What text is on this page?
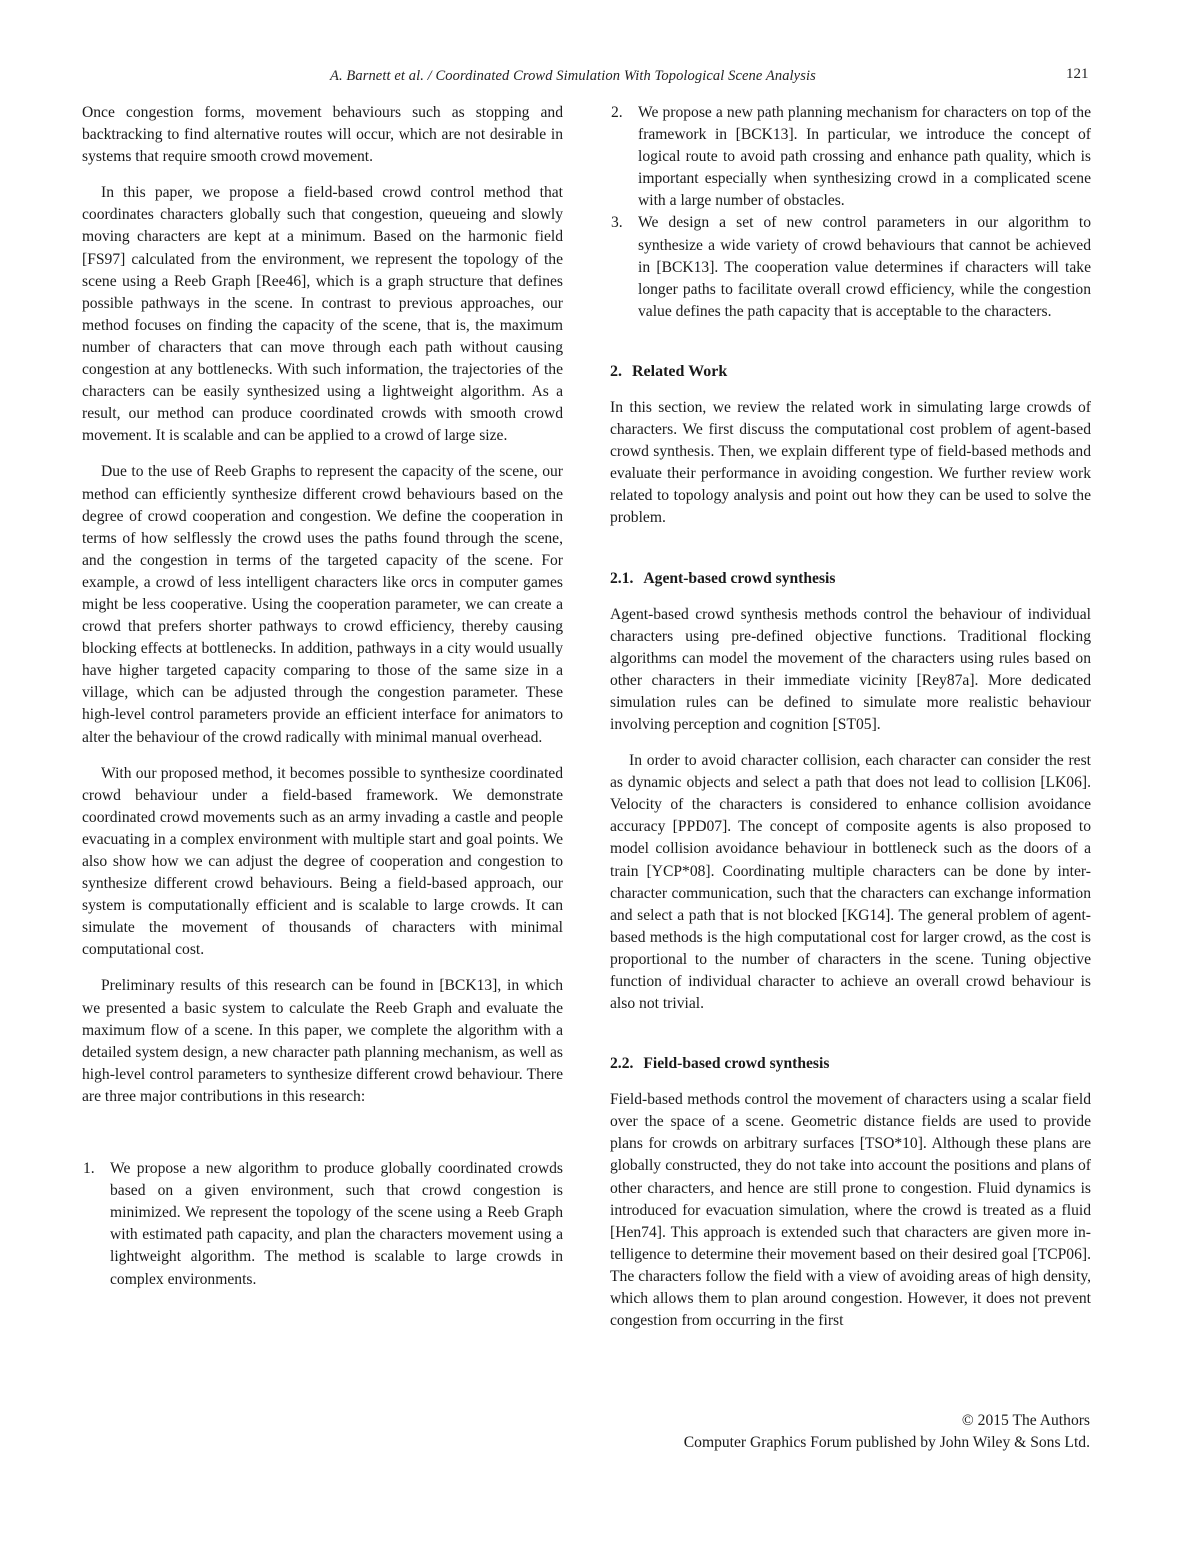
A. Barnett et al. / Coordinated Crowd Simulation With Topological Scene Analysis	121

Once congestion forms, movement behaviours such as stopping and backtracking to find alternative routes will occur, which are not desirable in systems that require smooth crowd movement.

In this paper, we propose a field-based crowd control method that coordinates characters globally such that congestion, queueing and slowly moving characters are kept at a minimum. Based on the harmonic field [FS97] calculated from the environment, we represent the topology of the scene using a Reeb Graph [Ree46], which is a graph structure that defines possible pathways in the scene. In contrast to previous approaches, our method focuses on finding the capacity of the scene, that is, the maximum number of characters that can move through each path without causing congestion at any bottlenecks. With such information, the trajectories of the characters can be easily synthesized using a lightweight algorithm. As a result, our method can produce coordinated crowds with smooth crowd movement. It is scalable and can be applied to a crowd of large size.

Due to the use of Reeb Graphs to represent the capacity of the scene, our method can efficiently synthesize different crowd behaviours based on the degree of crowd cooperation and congestion. We define the cooperation in terms of how selflessly the crowd uses the paths found through the scene, and the congestion in terms of the targeted capacity of the scene. For example, a crowd of less intelligent characters like orcs in computer games might be less cooperative. Using the cooperation parameter, we can create a crowd that prefers shorter pathways to crowd efficiency, thereby causing blocking effects at bottlenecks. In addition, pathways in a city would usually have higher targeted capacity comparing to those of the same size in a village, which can be adjusted through the congestion parameter. These high-level control parameters provide an efficient interface for animators to alter the behaviour of the crowd radically with minimal manual overhead.

With our proposed method, it becomes possible to synthesize coordinated crowd behaviour under a field-based framework. We demonstrate coordinated crowd movements such as an army invading a castle and people evacuating in a complex environment with multiple start and goal points. We also show how we can adjust the degree of cooperation and congestion to synthesize different crowd behaviours. Being a field-based approach, our system is computationally efficient and is scalable to large crowds. It can simulate the movement of thousands of characters with minimal computational cost.

Preliminary results of this research can be found in [BCK13], in which we presented a basic system to calculate the Reeb Graph and evaluate the maximum flow of a scene. In this paper, we complete the algorithm with a detailed system design, a new character path planning mechanism, as well as high-level control parameters to synthesize different crowd behaviour. There are three major contributions in this research:

1. We propose a new algorithm to produce globally coordinated crowds based on a given environment, such that crowd congestion is minimized. We represent the topology of the scene using a Reeb Graph with estimated path capacity, and plan the characters movement using a lightweight algorithm. The method is scalable to large crowds in complex environments.
2. We propose a new path planning mechanism for characters on top of the framework in [BCK13]. In particular, we introduce the concept of logical route to avoid path crossing and enhance path quality, which is important especially when synthesizing crowd in a complicated scene with a large number of obstacles.
3. We design a set of new control parameters in our algorithm to synthesize a wide variety of crowd behaviours that cannot be achieved in [BCK13]. The cooperation value determines if characters will take longer paths to facilitate overall crowd efficiency, while the congestion value defines the path capacity that is acceptable to the characters.
2. Related Work

In this section, we review the related work in simulating large crowds of characters. We first discuss the computational cost problem of agent-based crowd synthesis. Then, we explain different type of field-based methods and evaluate their performance in avoiding congestion. We further review work related to topology analysis and point out how they can be used to solve the problem.

2.1. Agent-based crowd synthesis

Agent-based crowd synthesis methods control the behaviour of individual characters using pre-defined objective functions. Traditional flocking algorithms can model the movement of the characters using rules based on other characters in their immediate vicinity [Rey87a]. More dedicated simulation rules can be defined to simulate more realistic behaviour involving perception and cognition [ST05].

In order to avoid character collision, each character can consider the rest as dynamic objects and select a path that does not lead to collision [LK06]. Velocity of the characters is considered to enhance collision avoidance accuracy [PPD07]. The concept of composite agents is also proposed to model collision avoidance behaviour in bottleneck such as the doors of a train [YCP*08]. Coordinating multiple characters can be done by inter-character communication, such that the characters can exchange information and select a path that is not blocked [KG14]. The general problem of agent-based methods is the high computational cost for larger crowd, as the cost is proportional to the number of characters in the scene. Tuning objective function of individual character to achieve an overall crowd behaviour is also not trivial.

2.2. Field-based crowd synthesis

Field-based methods control the movement of characters using a scalar field over the space of a scene. Geometric distance fields are used to provide plans for crowds on arbitrary surfaces [TSO*10]. Although these plans are globally constructed, they do not take into account the positions and plans of other characters, and hence are still prone to congestion. Fluid dynamics is introduced for evacuation simulation, where the crowd is treated as a fluid [Hen74]. This approach is extended such that characters are given more intelligence to determine their movement based on their desired goal [TCP06]. The characters follow the field with a view of avoiding areas of high density, which allows them to plan around congestion. However, it does not prevent congestion from occurring in the first

© 2015 The Authors
Computer Graphics Forum published by John Wiley & Sons Ltd.
